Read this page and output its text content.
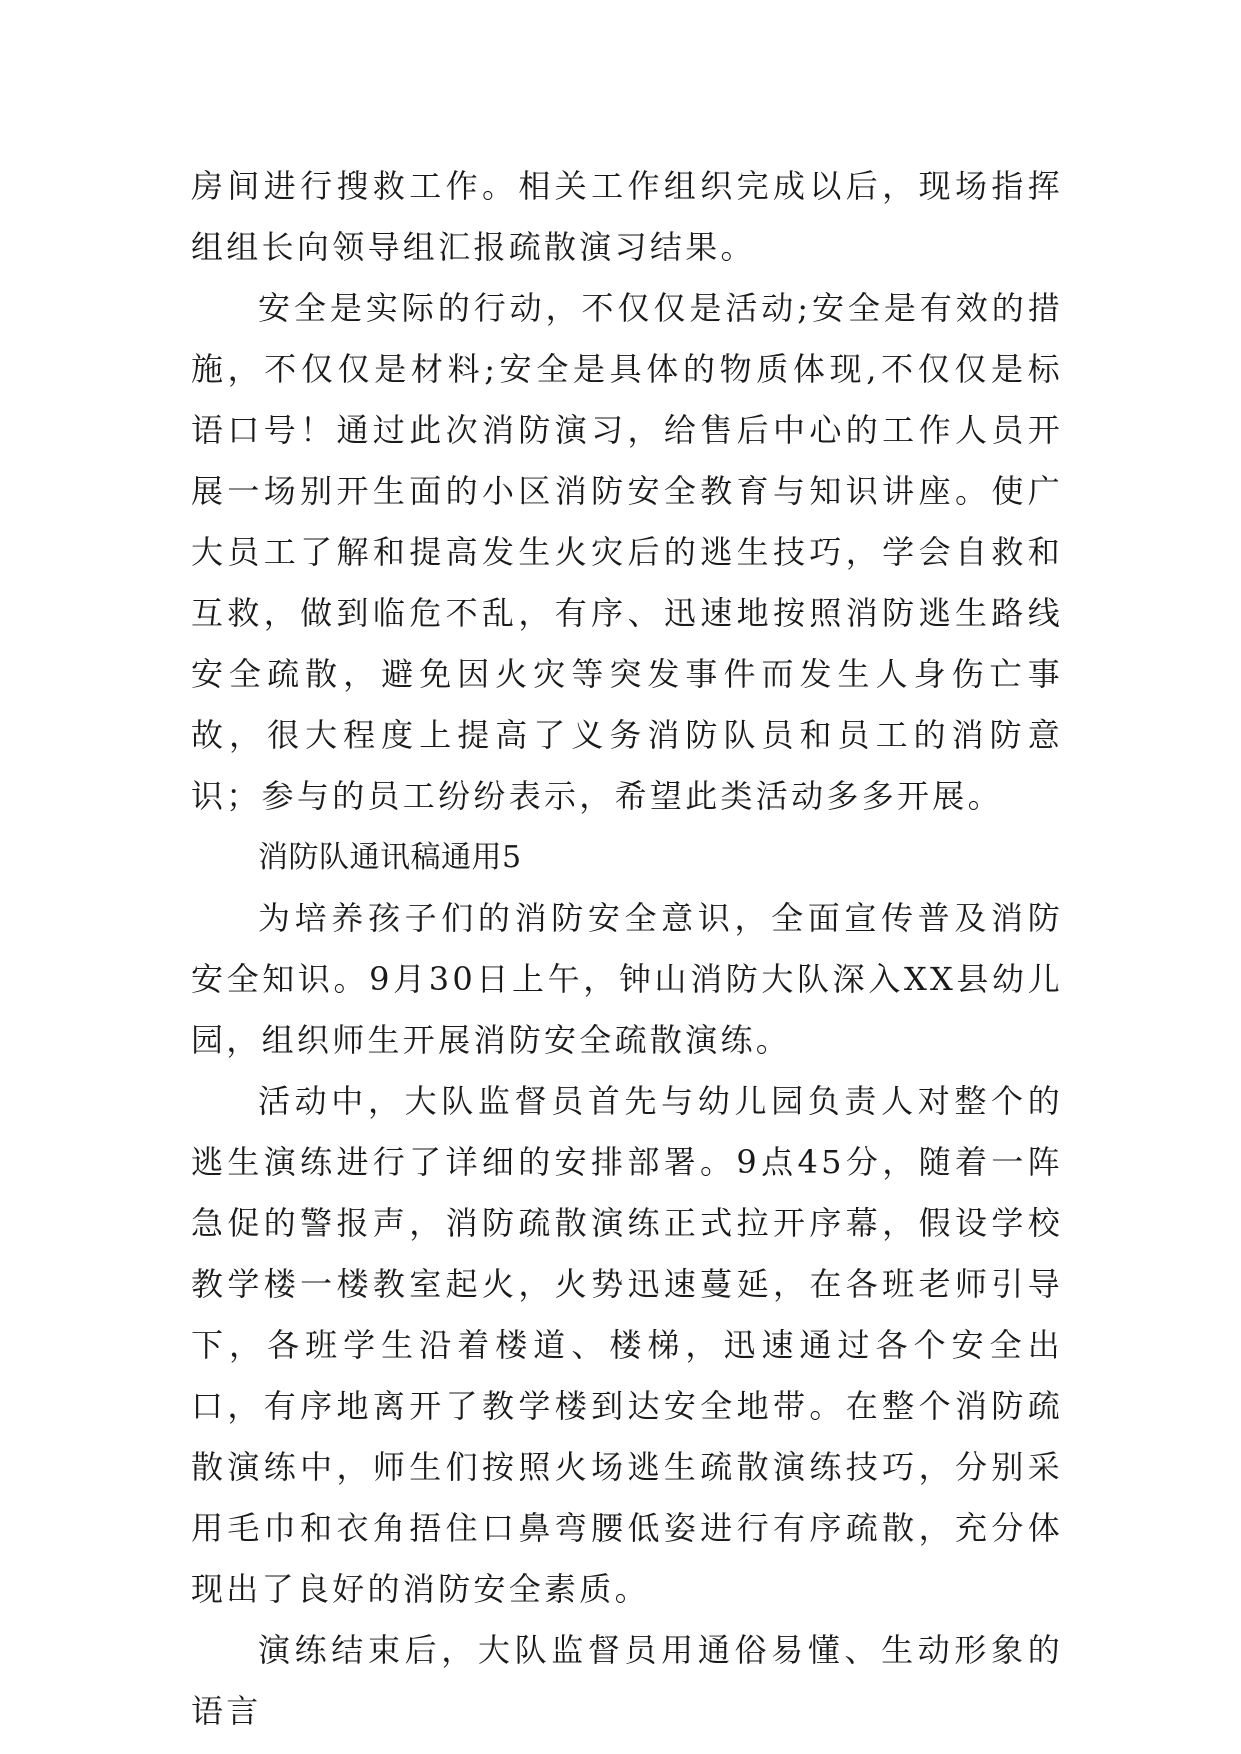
房间进行搜救工作。相关工作组织完成以后，现场指挥组组长向领导组汇报疏散演习结果。

安全是实际的行动，不仅仅是活动;安全是有效的措施，不仅仅是材料;安全是具体的物质体现,不仅仅是标语口号！通过此次消防演习，给售后中心的工作人员开展一场别开生面的小区消防安全教育与知识讲座。使广大员工了解和提高发生火灾后的逃生技巧，学会自救和互救，做到临危不乱，有序、迅速地按照消防逃生路线安全疏散，避免因火灾等突发事件而发生人身伤亡事故，很大程度上提高了义务消防队员和员工的消防意识；参与的员工纷纷表示，希望此类活动多多开展。

消防队通讯稿通用5

为培养孩子们的消防安全意识，全面宣传普及消防安全知识。9月30日上午，钟山消防大队深入XX县幼儿园，组织师生开展消防安全疏散演练。

活动中，大队监督员首先与幼儿园负责人对整个的逃生演练进行了详细的安排部署。9点45分，随着一阵急促的警报声，消防疏散演练正式拉开序幕，假设学校教学楼一楼教室起火，火势迅速蔓延，在各班老师引导下，各班学生沿着楼道、楼梯，迅速通过各个安全出口，有序地离开了教学楼到达安全地带。在整个消防疏散演练中，师生们按照火场逃生疏散演练技巧，分别采用毛巾和衣角捂住口鼻弯腰低姿进行有序疏散，充分体现出了良好的消防安全素质。

演练结束后，大队监督员用通俗易懂、生动形象的语言
